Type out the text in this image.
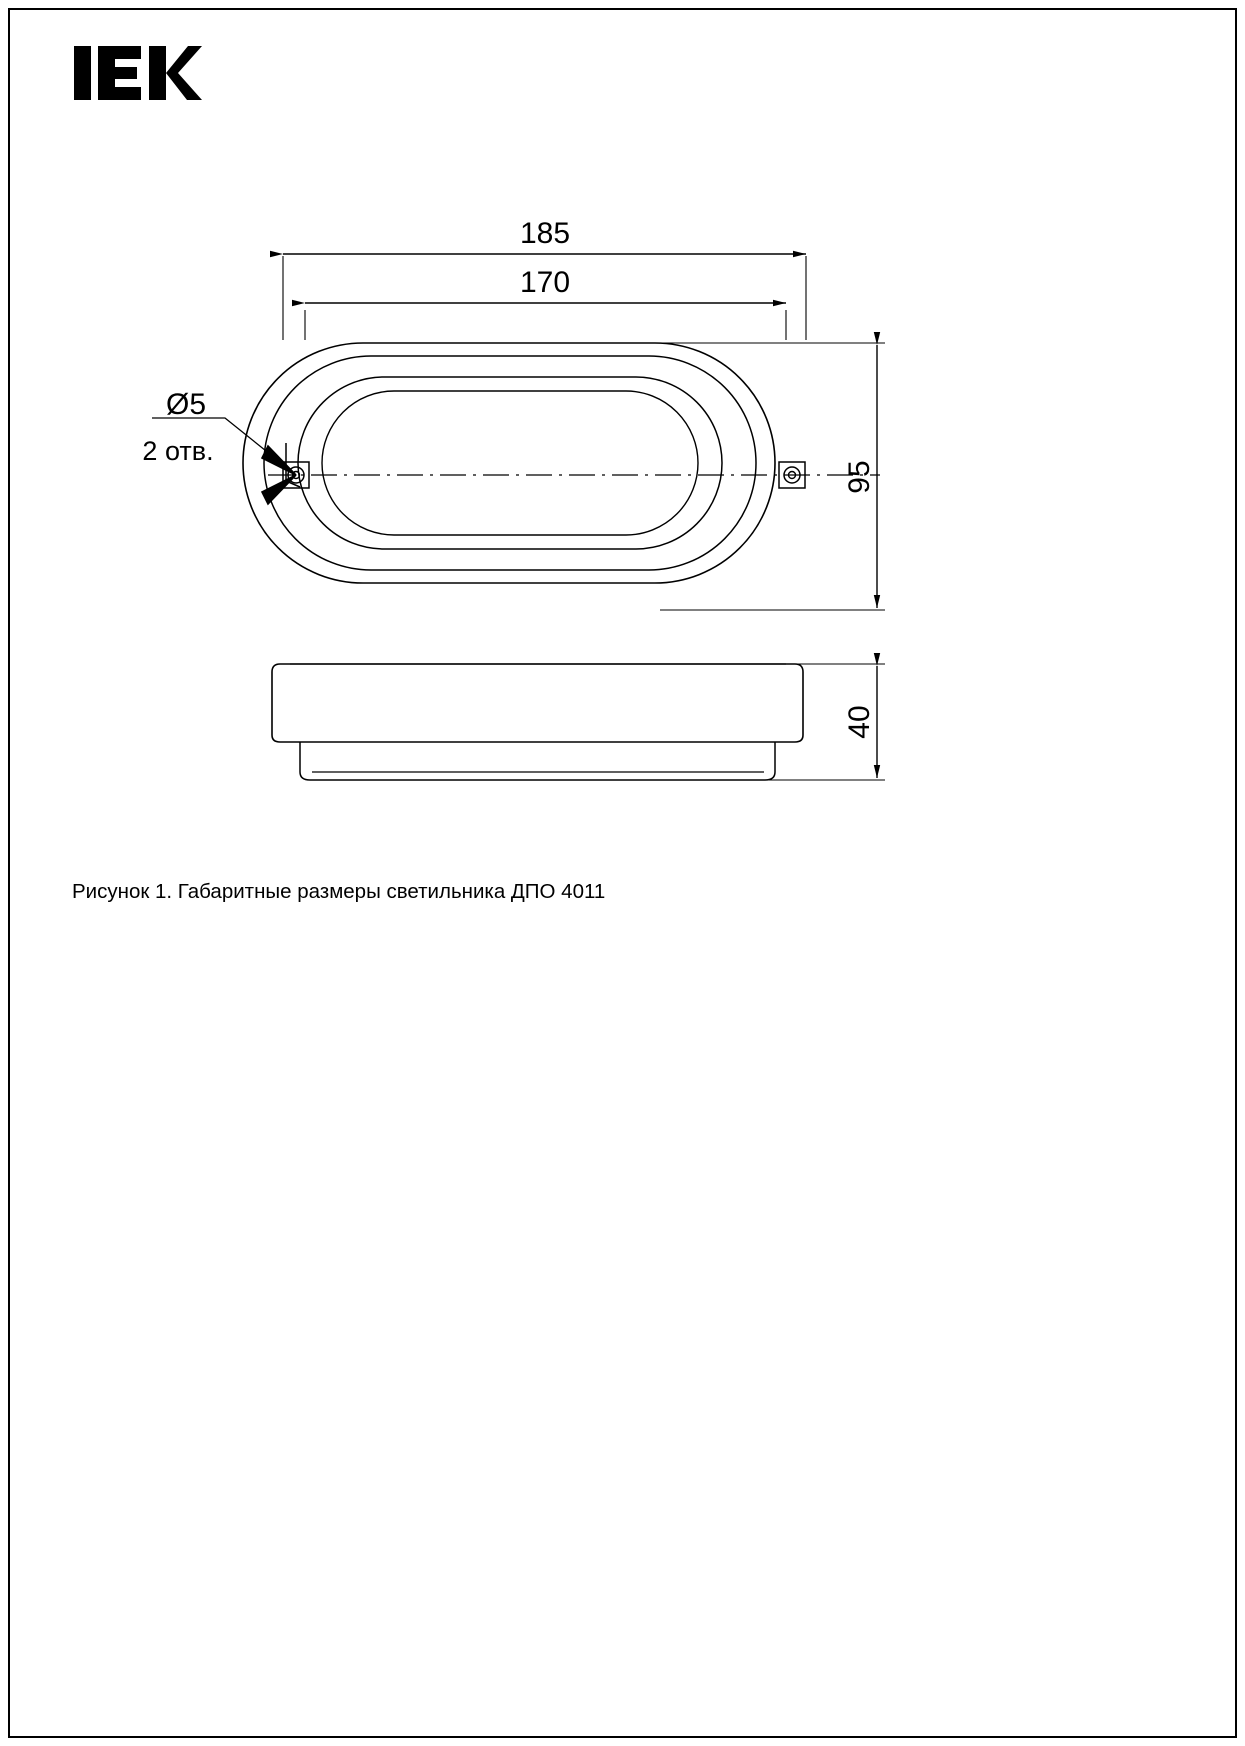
185
170
95
40
Ø5
2 отв.
Рисунок 1. Габаритные размеры светильника ДПО 4011
